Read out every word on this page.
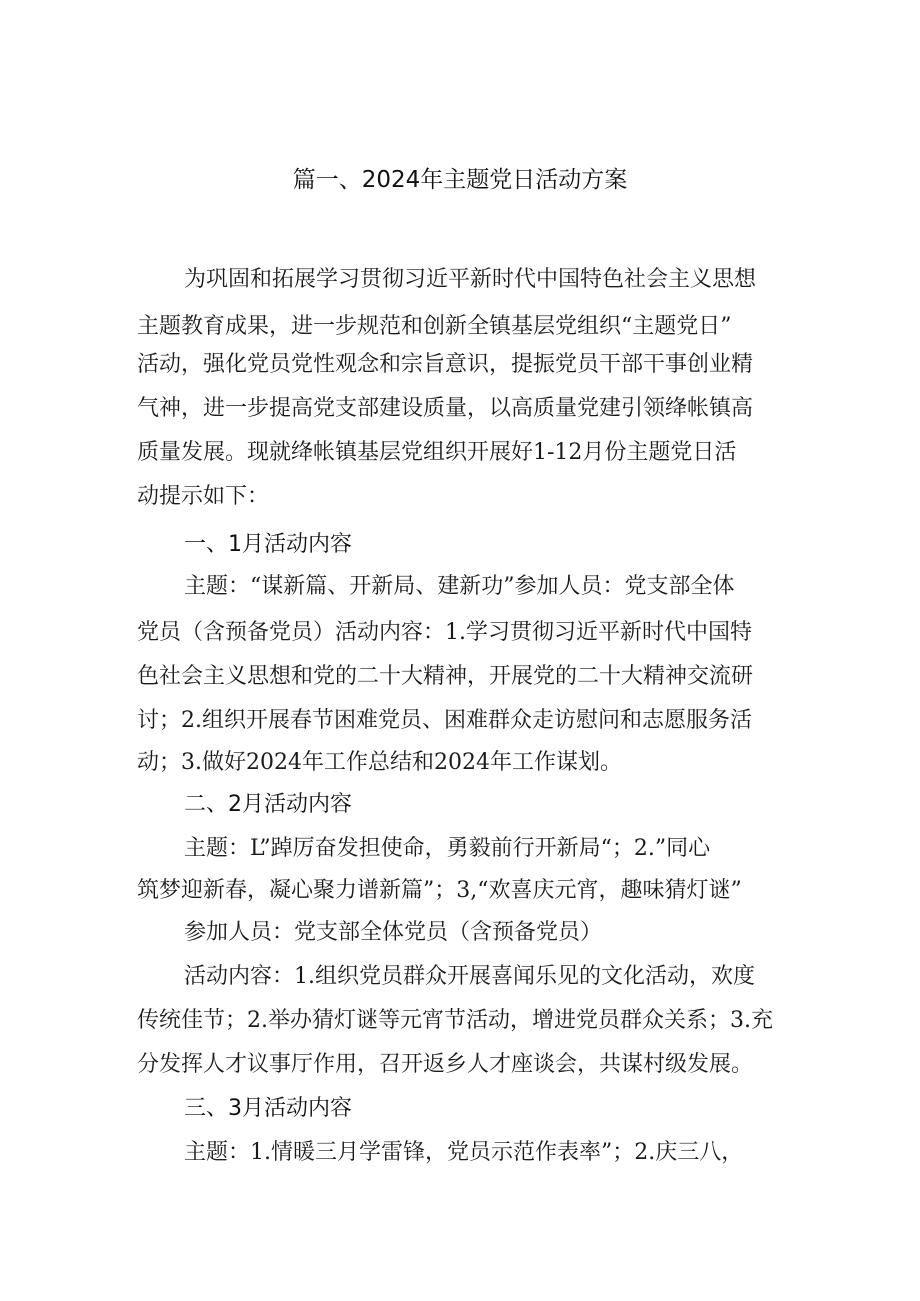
篇一、2024年主题党日活动方案
为巩固和拓展学习贯彻习近平新时代中国特色社会主义思想
主题教育成果，进一步规范和创新全镇基层党组织“主题党日”
活动，强化党员党性观念和宗旨意识，提振党员干部干事创业精
气神，进一步提高党支部建设质量，以高质量党建引领绛帐镇高
质量发展。现就绛帐镇基层党组织开展好1-12月份主题党日活
动提示如下：
一、1月活动内容
主题：“谋新篇、开新局、建新功”参加人员：党支部全体
党员（含预备党员）活动内容：1.学习贯彻习近平新时代中国特
色社会主义思想和党的二十大精神，开展党的二十大精神交流研
讨；2.组织开展春节困难党员、困难群众走访慰问和志愿服务活
动；3.做好2024年工作总结和2024年工作谋划。
二、2月活动内容
主题：L”踔厉奋发担使命，勇毅前行开新局“；2.”同心
筑梦迎新春，凝心聚力谱新篇”；3,“欢喜庆元宵，趣味猜灯谜”
参加人员：党支部全体党员（含预备党员）
活动内容：1.组织党员群众开展喜闻乐见的文化活动，欢度
传统佳节；2.举办猜灯谜等元宵节活动，增进党员群众关系；3.充
分发挥人才议事厅作用，召开返乡人才座谈会，共谋村级发展。
三、3月活动内容
主题：1.情暖三月学雷锋，党员示范作表率”；2.庆三八，
